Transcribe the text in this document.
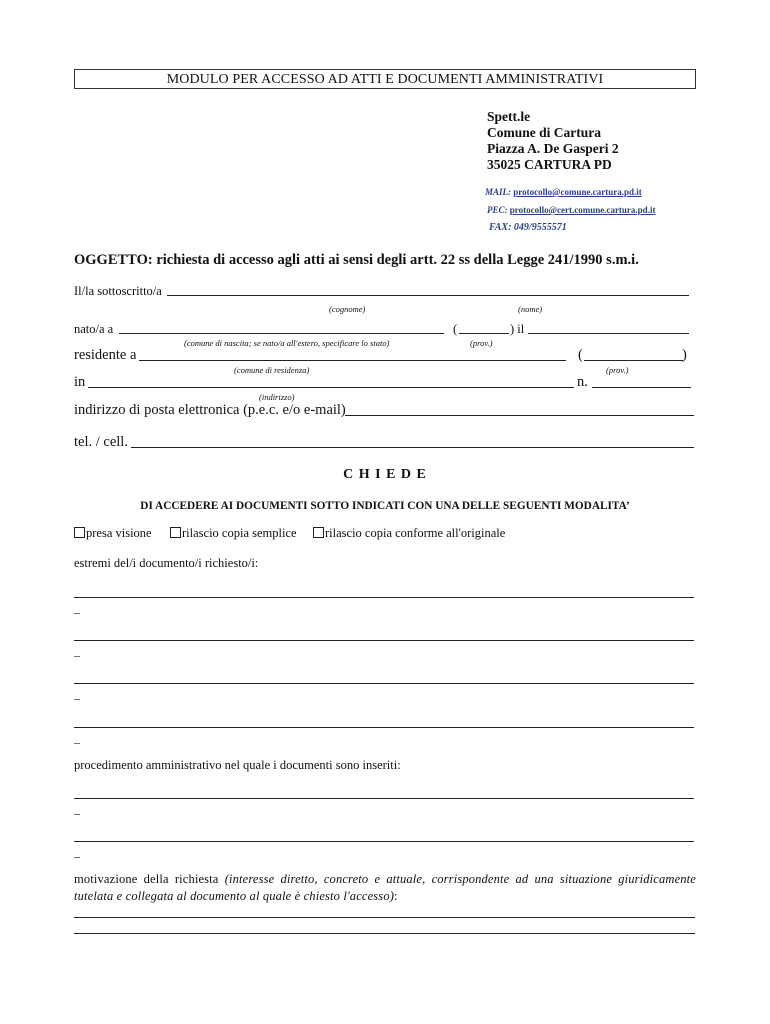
MODULO PER ACCESSO AD ATTI E DOCUMENTI AMMINISTRATIVI
Spett.le
Comune di Cartura
Piazza A. De Gasperi 2
35025 CARTURA PD
MAIL: protocollo@comune.cartura.pd.it
PEC: protocollo@cert.comune.cartura.pd.it
FAX: 049/9555571
OGGETTO: richiesta di accesso agli atti ai sensi degli artt. 22 ss della Legge 241/1990 s.m.i.
Il/la sottoscritto/a
(cognome)	(nome)
nato/a a	(	) il
(comune di nascita; se nato/a all'estero, specificare lo stato)	(prov.)
residente a	(	)
(comune di residenza)	(prov.)
in	n.
(indirizzo)
indirizzo di posta elettronica (p.e.c. e/o e-mail)
tel. / cell.
C H I E D E
DI ACCEDERE AI DOCUMENTI SOTTO INDICATI CON UNA DELLE SEGUENTI MODALITA’
presa visione	rilascio copia semplice	rilascio copia conforme all'originale
estremi del/i documento/i richiesto/i:
_
_
_
_
procedimento amministrativo nel quale i documenti sono inseriti:
_
_
motivazione della richiesta (interesse diretto, concreto e attuale, corrispondente ad una situazione giuridicamente tutelata e collegata al documento al quale è chiesto l'accesso):
